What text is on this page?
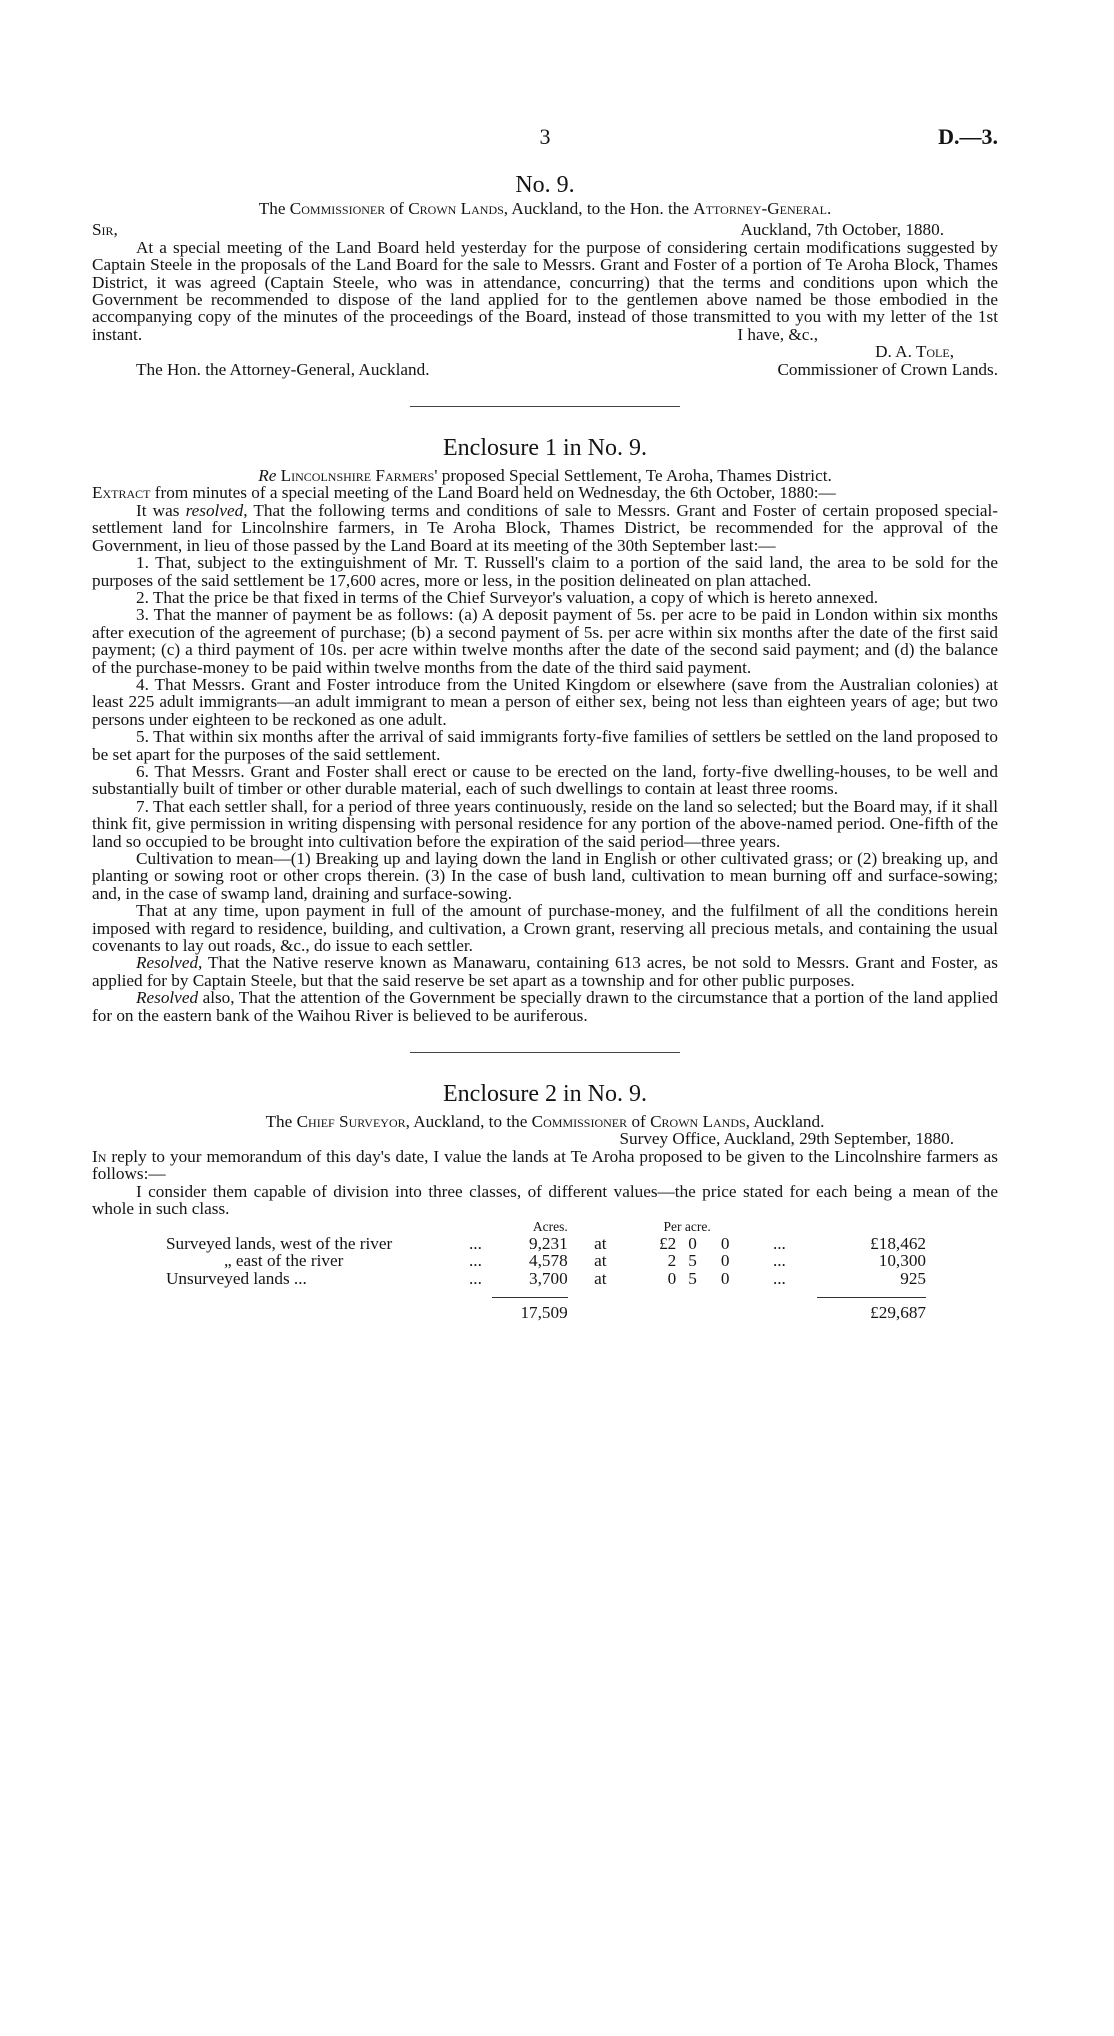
3	D.—3.
No. 9.

The Commissioner of Crown Lands, Auckland, to the Hon. the Attorney-General.

Sir,	Auckland, 7th October, 1880.

At a special meeting of the Land Board held yesterday for the purpose of considering certain modifications suggested by Captain Steele in the proposals of the Land Board for the sale to Messrs. Grant and Foster of a portion of Te Aroha Block, Thames District, it was agreed (Captain Steele, who was in attendance, concurring) that the terms and conditions upon which the Government be recommended to dispose of the land applied for to the gentlemen above named be those embodied in the accompanying copy of the minutes of the proceedings of the Board, instead of those transmitted to you with my letter of the 1st instant.	I have, &c.,

D. A. Tole,

The Hon. the Attorney-General, Auckland.	Commissioner of Crown Lands.
Enclosure 1 in No. 9.

Re Lincolnshire Farmers' proposed Special Settlement, Te Aroha, Thames District.

Extract from minutes of a special meeting of the Land Board held on Wednesday, the 6th October, 1880:—

It was resolved, That the following terms and conditions of sale to Messrs. Grant and Foster of certain proposed special-settlement land for Lincolnshire farmers, in Te Aroha Block, Thames District, be recommended for the approval of the Government, in lieu of those passed by the Land Board at its meeting of the 30th September last:—

1. That, subject to the extinguishment of Mr. T. Russell's claim to a portion of the said land, the area to be sold for the purposes of the said settlement be 17,600 acres, more or less, in the position delineated on plan attached.

2. That the price be that fixed in terms of the Chief Surveyor's valuation, a copy of which is hereto annexed.

3. That the manner of payment be as follows: (a) A deposit payment of 5s. per acre to be paid in London within six months after execution of the agreement of purchase; (b) a second payment of 5s. per acre within six months after the date of the first said payment; (c) a third payment of 10s. per acre within twelve months after the date of the second said payment; and (d) the balance of the purchase-money to be paid within twelve months from the date of the third said payment.

4. That Messrs. Grant and Foster introduce from the United Kingdom or elsewhere (save from the Australian colonies) at least 225 adult immigrants—an adult immigrant to mean a person of either sex, being not less than eighteen years of age; but two persons under eighteen to be reckoned as one adult.

5. That within six months after the arrival of said immigrants forty-five families of settlers be settled on the land proposed to be set apart for the purposes of the said settlement.

6. That Messrs. Grant and Foster shall erect or cause to be erected on the land, forty-five dwelling-houses, to be well and substantially built of timber or other durable material, each of such dwellings to contain at least three rooms.

7. That each settler shall, for a period of three years continuously, reside on the land so selected; but the Board may, if it shall think fit, give permission in writing dispensing with personal residence for any portion of the above-named period. One-fifth of the land so occupied to be brought into cultivation before the expiration of the said period—three years.

Cultivation to mean—(1) Breaking up and laying down the land in English or other cultivated grass; or (2) breaking up, and planting or sowing root or other crops therein. (3) In the case of bush land, cultivation to mean burning off and surface-sowing; and, in the case of swamp land, draining and surface-sowing.

That at any time, upon payment in full of the amount of purchase-money, and the fulfilment of all the conditions herein imposed with regard to residence, building, and cultivation, a Crown grant, reserving all precious metals, and containing the usual covenants to lay out roads, &c., do issue to each settler.

Resolved, That the Native reserve known as Manawaru, containing 613 acres, be not sold to Messrs. Grant and Foster, as applied for by Captain Steele, but that the said reserve be set apart as a township and for other public purposes.

Resolved also, That the attention of the Government be specially drawn to the circumstance that a portion of the land applied for on the eastern bank of the Waihou River is believed to be auriferous.

Enclosure 2 in No. 9.

The Chief Surveyor, Auckland, to the Commissioner of Crown Lands, Auckland.

Survey Office, Auckland, 29th September, 1880.

In reply to your memorandum of this day's date, I value the lands at Te Aroha proposed to be given to the Lincolnshire farmers as follows:—

I consider them capable of division into three classes, of different values—the price stated for each being a mean of the whole in such class.

		Acres.		Per acre.				
Surveyed lands, west of the river	...	9,231	at	£2	0	0	...	£18,462
„ east of the river	...	4,578	at	2	5	0	...	10,300
Unsurveyed lands ...	...	3,700	at	0	5	0	...	925

		17,509						£29,687
